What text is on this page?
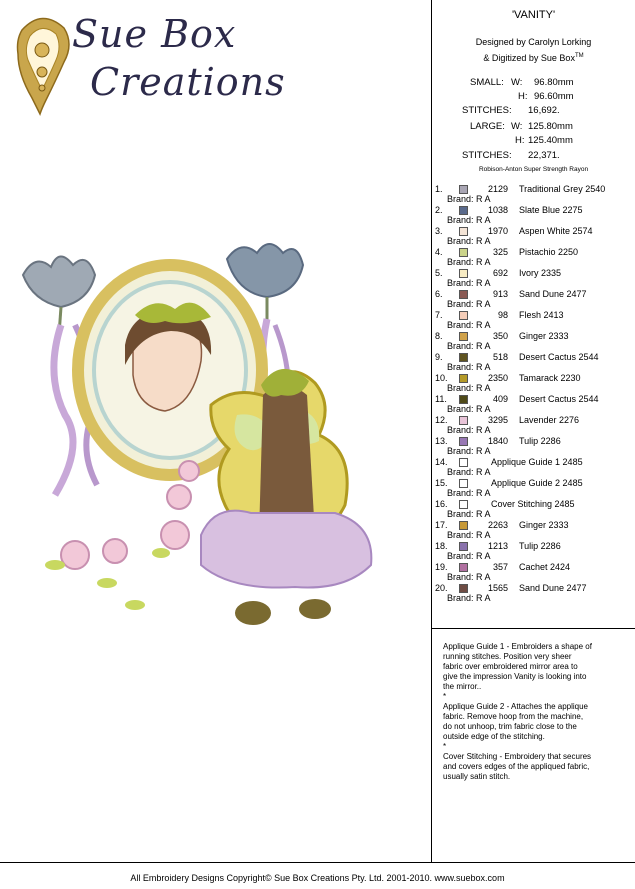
Sue Box
Creations
'VANITY'
Designed by Carolyn Lorking
& Digitized by Sue Box™
SMALL: W: 96.80mm
H: 96.60mm
STITCHES: 16,692.
LARGE: W: 125.80mm
H: 125.40mm
STITCHES: 22,371.
Robison-Anton Super Strength Rayon
1.	2129 Traditional Grey 2540
Brand: R A
2.	1038 Slate Blue 2275
Brand: R A
3.	1970 Aspen White 2574
Brand: R A
4.	325 Pistachio 2250
Brand: R A
5.	692 Ivory 2335
Brand: R A
6.	913 Sand Dune 2477
Brand: R A
7.	98 Flesh 2413
Brand: R A
8.	350 Ginger 2333
Brand: R A
9.	518 Desert Cactus 2544
Brand: R A
10.	2350 Tamarack 2230
Brand: R A
11.	409 Desert Cactus 2544
Brand: R A
12.	3295 Lavender 2276
Brand: R A
13.	1840 Tulip 2286
Brand: R A
14.	Applique Guide 1 2485
Brand: R A
15.	Applique Guide 2 2485
Brand: R A
16.	Cover Stitching 2485
Brand: R A
17.	2263 Ginger 2333
Brand: R A
18.	1213 Tulip 2286
Brand: R A
19.	357 Cachet 2424
Brand: R A
20.	1565 Sand Dune 2477
Brand: R A

Applique Guide 1 - Embroiders a shape of running stitches. Position very sheer fabric over embroidered mirror area to give the impression Vanity is looking into the mirror..

*

Applique Guide 2 - Attaches the applique fabric. Remove hoop from the machine, do not unhoop, trim fabric close to the outside edge of the stitching.

*

Cover Stitching - Embroidery that secures and covers edges of the appliqued fabric, usually satin stitch.

All Embroidery Designs Copyright© Sue Box Creations Pty. Ltd. 2001-2010. www.suebox.com
